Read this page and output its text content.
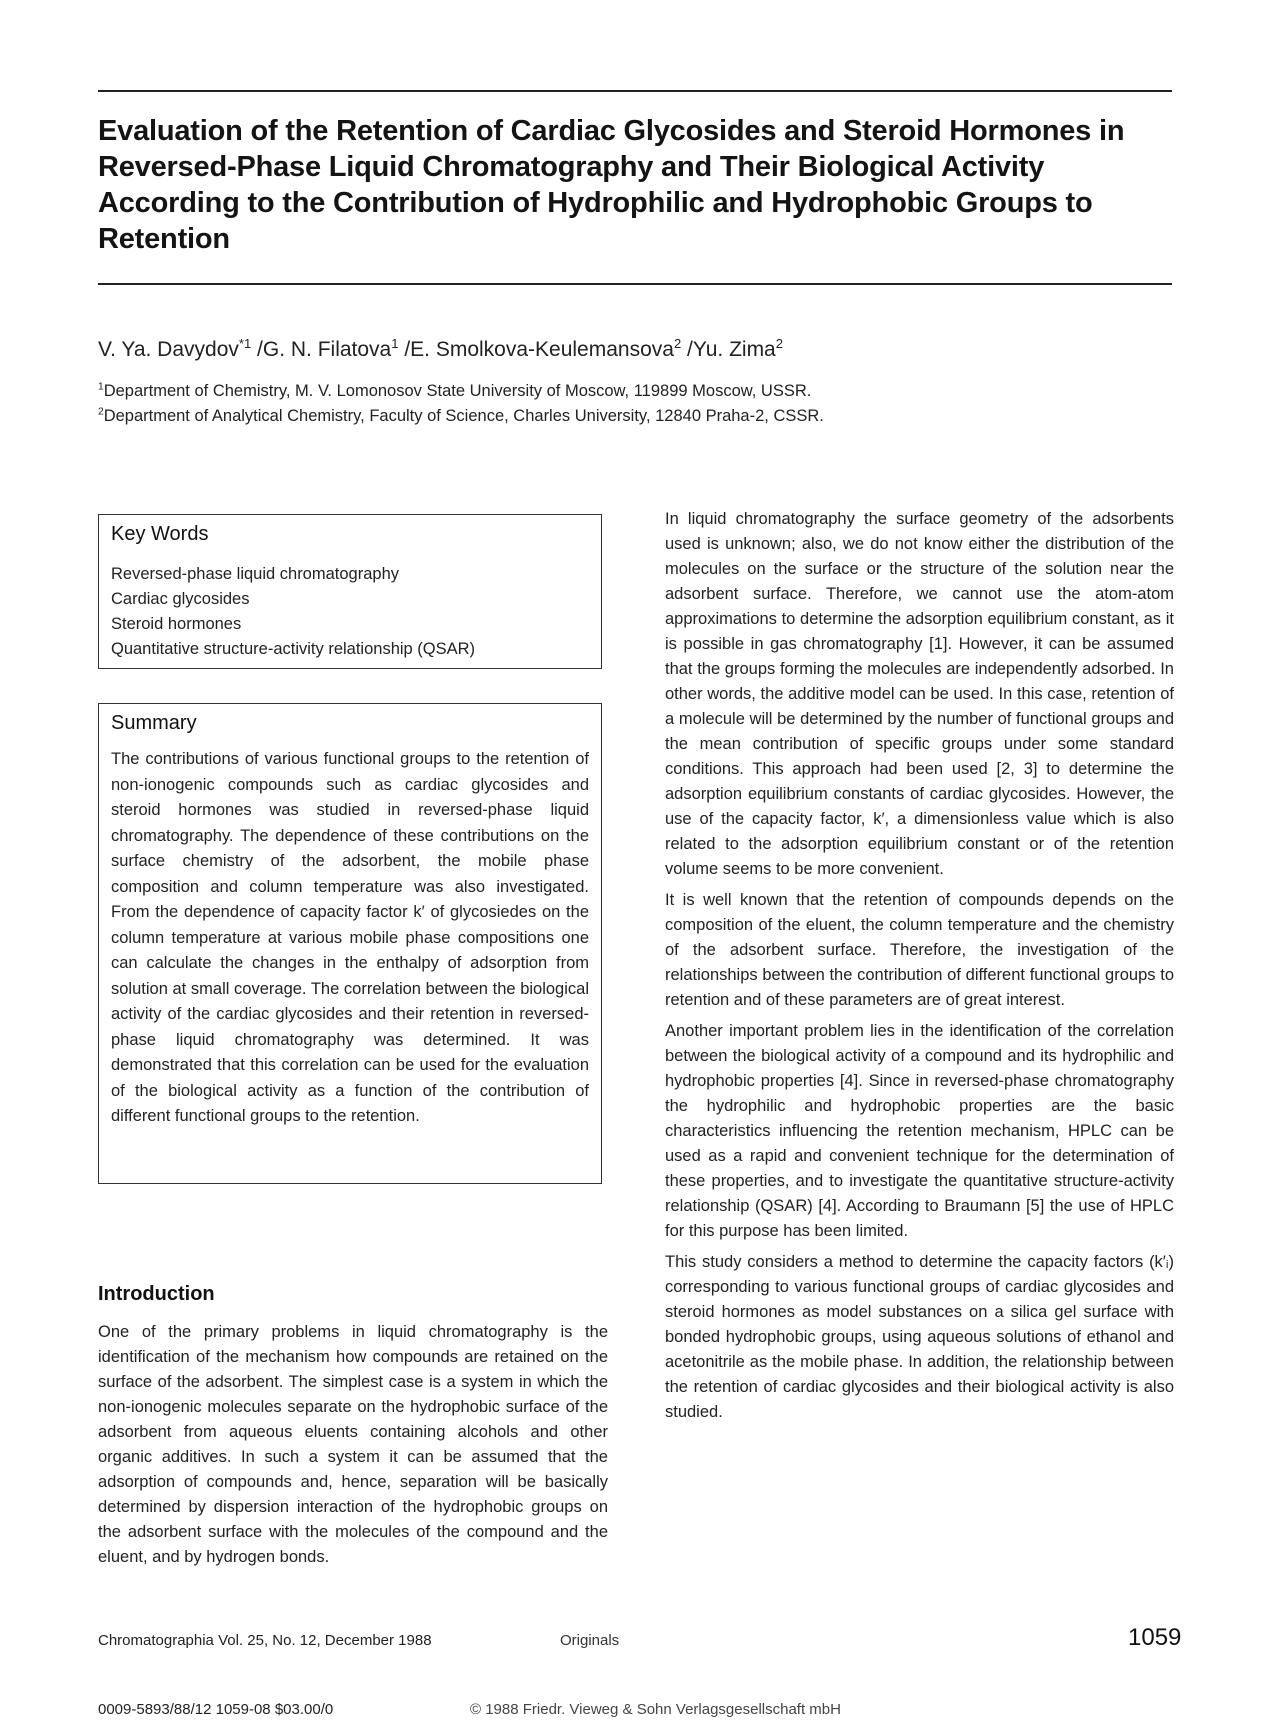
Evaluation of the Retention of Cardiac Glycosides and Steroid Hormones in Reversed-Phase Liquid Chromatography and Their Biological Activity According to the Contribution of Hydrophilic and Hydrophobic Groups to Retention
V. Ya. Davydov$^{*1}$ /G. N. Filatova$^1$ /E. Smolkova-Keulemansova$^2$ /Yu. Zima$^2$
$^1$Department of Chemistry, M. V. Lomonosov State University of Moscow, 119899 Moscow, USSR.
$^2$Department of Analytical Chemistry, Faculty of Science, Charles University, 12840 Praha-2, CSSR.
Key Words
Reversed-phase liquid chromatography
Cardiac glycosides
Steroid hormones
Quantitative structure-activity relationship (QSAR)
Summary

The contributions of various functional groups to the retention of non-ionogenic compounds such as cardiac glycosides and steroid hormones was studied in reversed-phase liquid chromatography. The dependence of these contributions on the surface chemistry of the adsorbent, the mobile phase composition and column temperature was also investigated. From the dependence of capacity factor k′ of glycosiedes on the column temperature at various mobile phase compositions one can calculate the changes in the enthalpy of adsorption from solution at small coverage. The correlation between the biological activity of the cardiac glycosides and their retention in reversed-phase liquid chromatography was determined. It was demonstrated that this correlation can be used for the evaluation of the biological activity as a function of the contribution of different functional groups to the retention.

Introduction

One of the primary problems in liquid chromatography is the identification of the mechanism how compounds are retained on the surface of the adsorbent. The simplest case is a system in which the non-ionogenic molecules separate on the hydrophobic surface of the adsorbent from aqueous eluents containing alcohols and other organic additives. In such a system it can be assumed that the adsorption of compounds and, hence, separation will be basically determined by dispersion interaction of the hydrophobic groups on the adsorbent surface with the molecules of the compound and the eluent, and by hydrogen bonds.

In liquid chromatography the surface geometry of the adsorbents used is unknown; also, we do not know either the distribution of the molecules on the surface or the structure of the solution near the adsorbent surface. Therefore, we cannot use the atom-atom approximations to determine the adsorption equilibrium constant, as it is possible in gas chromatography [1]. However, it can be assumed that the groups forming the molecules are independently adsorbed. In other words, the additive model can be used. In this case, retention of a molecule will be determined by the number of functional groups and the mean contribution of specific groups under some standard conditions. This approach had been used [2, 3] to determine the adsorption equilibrium constants of cardiac glycosides. However, the use of the capacity factor, k′, a dimensionless value which is also related to the adsorption equilibrium constant or of the retention volume seems to be more convenient.

It is well known that the retention of compounds depends on the composition of the eluent, the column temperature and the chemistry of the adsorbent surface. Therefore, the investigation of the relationships between the contribution of different functional groups to retention and of these parameters are of great interest.

Another important problem lies in the identification of the correlation between the biological activity of a compound and its hydrophilic and hydrophobic properties [4]. Since in reversed-phase chromatography the hydrophilic and hydrophobic properties are the basic characteristics influencing the retention mechanism, HPLC can be used as a rapid and convenient technique for the determination of these properties, and to investigate the quantitative structure-activity relationship (QSAR) [4]. According to Braumann [5] the use of HPLC for this purpose has been limited.

This study considers a method to determine the capacity factors (k′ᵢ) corresponding to various functional groups of cardiac glycosides and steroid hormones as model substances on a silica gel surface with bonded hydrophobic groups, using aqueous solutions of ethanol and acetonitrile as the mobile phase. In addition, the relationship between the retention of cardiac glycosides and their biological activity is also studied.

Chromatographia Vol. 25, No. 12, December 1988	Originals	1059
0009-5893/88/12 1059-08 $03.00/0	© 1988 Friedr. Vieweg & Sohn Verlagsgesellschaft mbH
